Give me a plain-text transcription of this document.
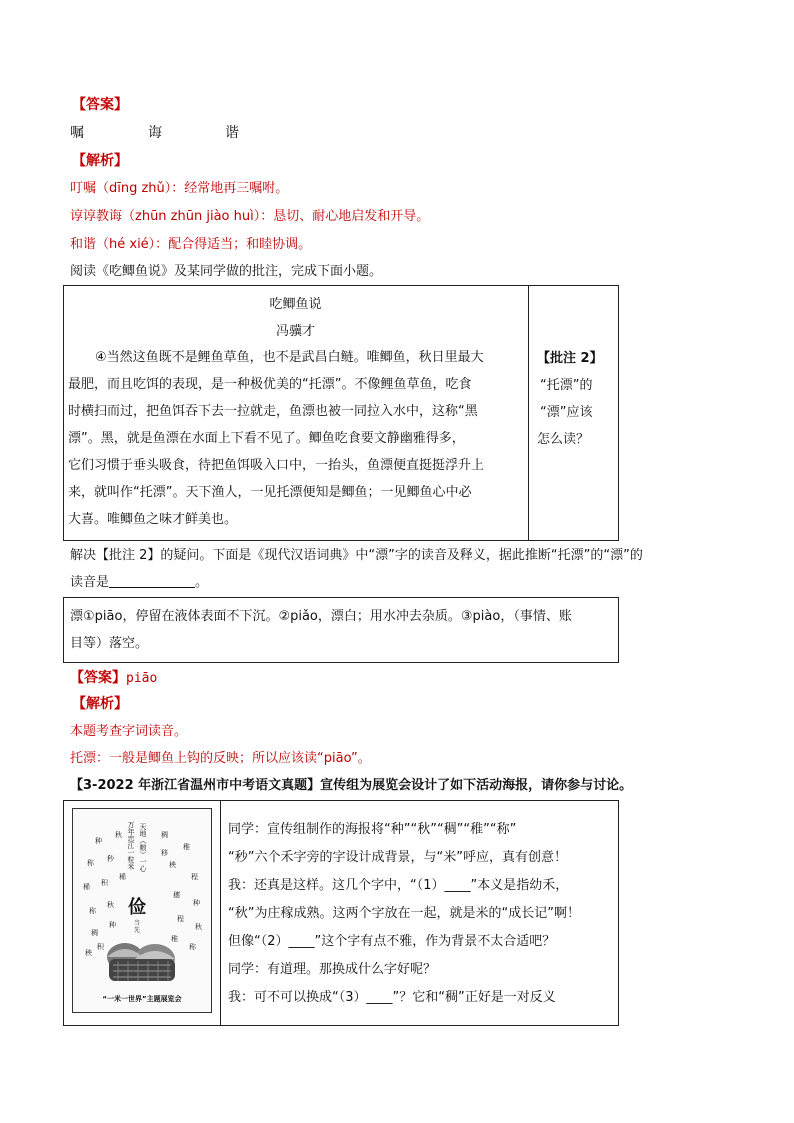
【答案】
嘱	诲	谐
【解析】
叮嘱（dīng zhǔ）：经常地再三嘱咐。
谆谆教诲（zhūn zhūn jiào huì）：恳切、耐心地启发和开导。
和谐（hé xié）：配合得适当；和睦协调。
阅读《吃鲫鱼说》及某同学做的批注，完成下面小题。
吃鲫鱼说
冯骥才
④当然这鱼既不是鲤鱼草鱼，也不是武昌白鲢。唯鲫鱼，秋日里最大
最肥，而且吃饵的表现，是一种极优美的“托漂”。不像鲤鱼草鱼，吃食
时横扫而过，把鱼饵吞下去一拉就走，鱼漂也被一同拉入水中，这称“黑
漂”。黑，就是鱼漂在水面上下看不见了。鲫鱼吃食要文静幽雅得多，
它们习惯于垂头吸食，待把鱼饵吸入口中，一抬头，鱼漂便直挺挺浮升上
来，就叫作“托漂”。天下渔人，一见托漂便知是鲫鱼；一见鲫鱼心中必
大喜。唯鲫鱼之味才鲜美也。
【批注 2】
“托漂”的
“漂”应该
怎么读？
解决【批注 2】的疑问。下面是《现代汉语词典》中“漂”字的读音及释义，据此推断“托漂”的“漂”的
读音是	。
漂①piāo，停留在液体表面不下沉。②piǎo，漂白；用水冲去杂质。③piào，（事情、账
目等）落空。
【答案】piāo
【解析】
本题考查字词读音。
托漂：一般是鲫鱼上钩的反映；所以应该读“piāo”。
【3-2022 年浙江省温州市中考语文真题】宣传组为展览会设计了如下活动海报，请你参与讨论。
万年忠江一粒米 天地（粮）一心
俭
当
先
种
秋	稠
稚
称 秒
秧
程
稀 积
穗
种
称
秋
程
秋
稠
种
稚
称
秧
移
稀
积
“一米一世界”主题展览会
同学：宣传组制作的海报将“种”“秋”“稠”“稚”“称”
“秒”六个禾字旁的字设计成背景，与“米”呼应，真有创意！
我：还真是这样。这几个字中，“（1）____”本义是指幼禾，
“秋”为庄稼成熟。这两个字放在一起，就是米的“成长记”啊！
但像“（2）____”这个字有点不雅，作为背景不太合适吧？
同学：有道理。那换成什么字好呢？
我：可不可以换成“（3）____”？它和“稠”正好是一对反义
